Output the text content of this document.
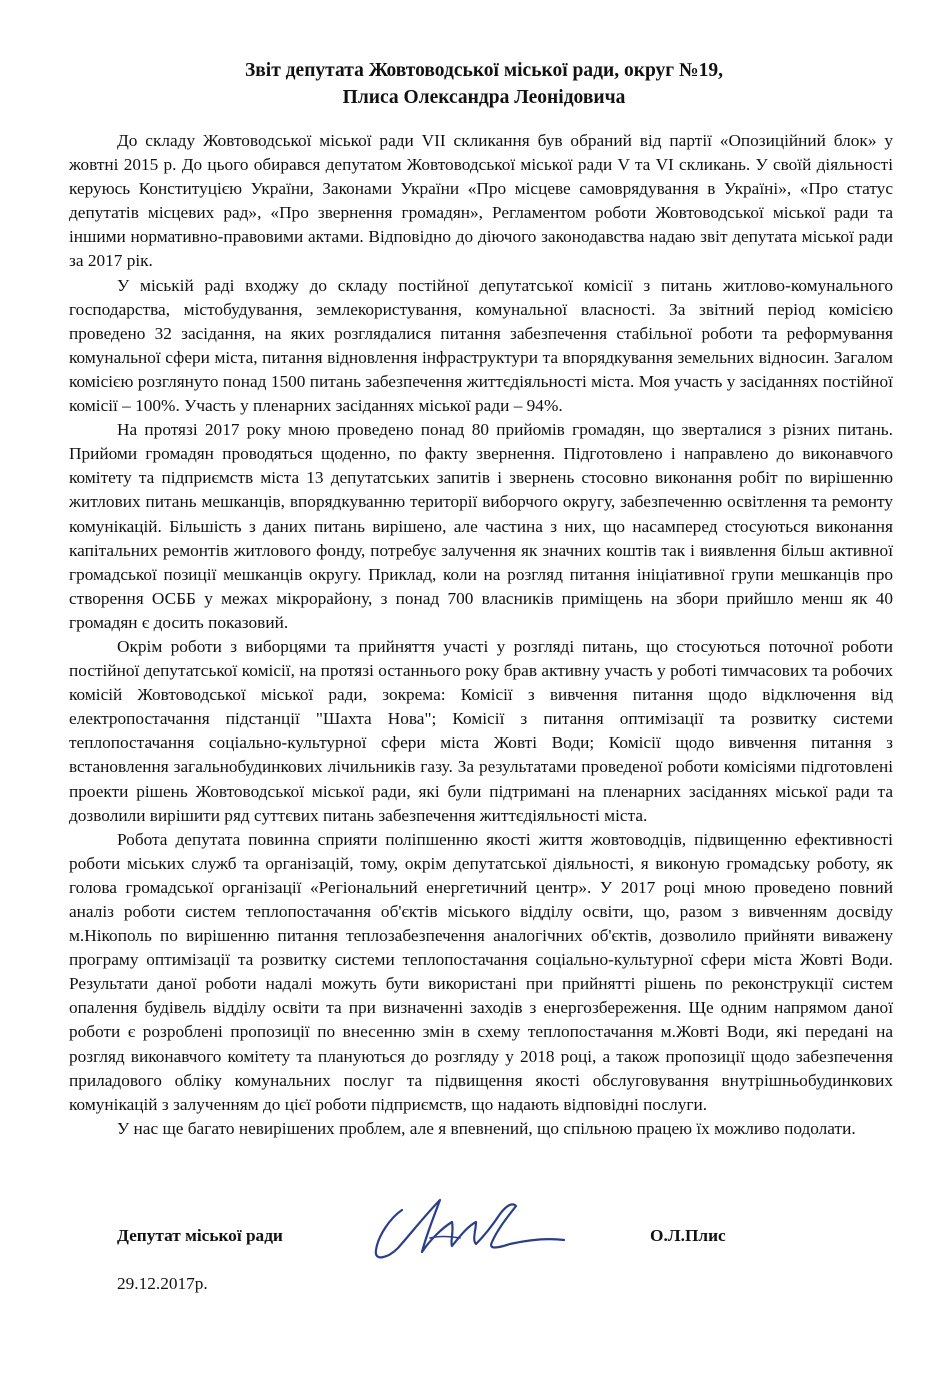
Звіт депутата Жовтоводської міської ради, округ №19,
Плиса Олександра Леонідовича

До складу Жовтоводської міської ради VII скликання був обраний від партії «Опозиційний блок» у жовтні 2015 р. До цього обирався депутатом Жовтоводської міської ради V та VI скликань. У своїй діяльності керуюсь Конституцією України, Законами України «Про місцеве самоврядування в Україні», «Про статус депутатів місцевих рад», «Про звернення громадян», Регламентом роботи Жовтоводської міської ради та іншими нормативно-правовими актами. Відповідно до діючого законодавства надаю звіт депутата міської ради за 2017 рік.

У міській раді входжу до складу постійної депутатської комісії з питань житлово-комунального господарства, містобудування, землекористування, комунальної власності. За звітний період комісією проведено 32 засідання, на яких розглядалися питання забезпечення стабільної роботи та реформування комунальної сфери міста, питання відновлення інфраструктури та впорядкування земельних відносин. Загалом комісією розглянуто понад 1500 питань забезпечення життєдіяльності міста. Моя участь у засіданнях постійної комісії – 100%. Участь у пленарних засіданнях міської ради – 94%.

На протязі 2017 року мною проведено понад 80 прийомів громадян, що зверталися з різних питань. Прийоми громадян проводяться щоденно, по факту звернення. Підготовлено і направлено до виконавчого комітету та підприємств міста 13 депутатських запитів і звернень стосовно виконання робіт по вирішенню житлових питань мешканців, впорядкуванню території виборчого округу, забезпеченню освітлення та ремонту комунікацій. Більшість з даних питань вирішено, але частина з них, що насамперед стосуються виконання капітальних ремонтів житлового фонду, потребує залучення як значних коштів так і виявлення більш активної громадської позиції мешканців округу. Приклад, коли на розгляд питання ініціативної групи мешканців про створення ОСББ у межах мікрорайону, з понад 700 власників приміщень на збори прийшло менш як 40 громадян є досить показовий.

Окрім роботи з виборцями та прийняття участі у розгляді питань, що стосуються поточної роботи постійної депутатської комісії, на протязі останнього року брав активну участь у роботі тимчасових та робочих комісій Жовтоводської міської ради, зокрема: Комісії з вивчення питання щодо відключення від електропостачання підстанції "Шахта Нова"; Комісії з питання оптимізації та розвитку системи теплопостачання соціально-культурної сфери міста Жовті Води; Комісії щодо вивчення питання з встановлення загальнобудинкових лічильників газу. За результатами проведеної роботи комісіями підготовлені проекти рішень Жовтоводської міської ради, які були підтримані на пленарних засіданнях міської ради та дозволили вирішити ряд суттєвих питань забезпечення життєдіяльності міста.

Робота депутата повинна сприяти поліпшенню якості життя жовтоводців, підвищенню ефективності роботи міських служб та організацій, тому, окрім депутатської діяльності, я виконую громадську роботу, як голова громадської організації «Регіональний енергетичний центр». У 2017 році мною проведено повний аналіз роботи систем теплопостачання об'єктів міського відділу освіти, що, разом з вивченням досвіду м.Нікополь по вирішенню питання теплозабезпечення аналогічних об'єктів, дозволило прийняти виважену програму оптимізації та розвитку системи теплопостачання соціально-культурної сфери міста Жовті Води. Результати даної роботи надалі можуть бути використані при прийнятті рішень по реконструкції систем опалення будівель відділу освіти та при визначенні заходів з енергозбереження. Ще одним напрямом даної роботи є розроблені пропозиції по внесенню змін в схему теплопостачання м.Жовті Води, які передані на розгляд виконавчого комітету та плануються до розгляду у 2018 році, а також пропозиції щодо забезпечення приладового обліку комунальних послуг та підвищення якості обслуговування внутрішньобудинкових комунікацій з залученням до цієї роботи підприємств, що надають відповідні послуги.

У нас ще багато невирішених проблем, але я впевнений, що спільною працею їх можливо подолати.

Депутат міської ради	О.Л.Плис

29.12.2017р.
